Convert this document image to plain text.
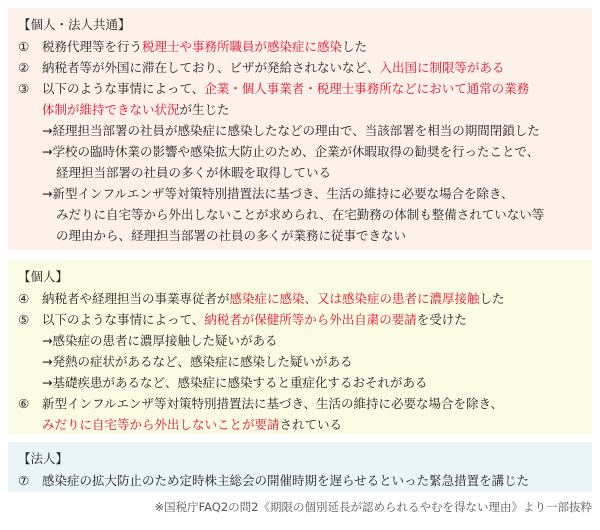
【個人・法人共通】
① 税務代理等を行う税理士や事務所職員が感染症に感染した
② 納税者等が外国に滞在しており、ビザが発給されないなど、入出国に制限等がある
③ 以下のような事情によって、企業・個人事業者・税理士事務所などにおいて通常の業務
体制が維持できない状況が生じた
→経理担当部署の社員が感染症に感染したなどの理由で、当該部署を相当の期間閉鎖した
→学校の臨時休業の影響や感染拡大防止のため、企業が休暇取得の勧奨を行ったことで、
経理担当部署の社員の多くが休暇を取得している
→新型インフルエンザ等対策特別措置法に基づき、生活の維持に必要な場合を除き、
みだりに自宅等から外出しないことが求められ、在宅勤務の体制も整備されていない等
の理由から、経理担当部署の社員の多くが業務に従事できない
【個人】
④ 納税者や経理担当の事業専従者が感染症に感染、又は感染症の患者に濃厚接触した
⑤ 以下のような事情によって、納税者が保健所等から外出自粛の要請を受けた
→感染症の患者に濃厚接触した疑いがある
→発熱の症状があるなど、感染症に感染した疑いがある
→基礎疾患があるなど、感染症に感染すると重症化するおそれがある
⑥ 新型インフルエンザ等対策特別措置法に基づき、生活の維持に必要な場合を除き、
みだりに自宅等から外出しないことが要請されている
【法人】
⑦ 感染症の拡大防止のため定時株主総会の開催時期を遅らせるといった緊急措置を講じた
※国税庁FAQ2の問2《期限の個別延長が認められるやむを得ない理由》より一部抜粋
